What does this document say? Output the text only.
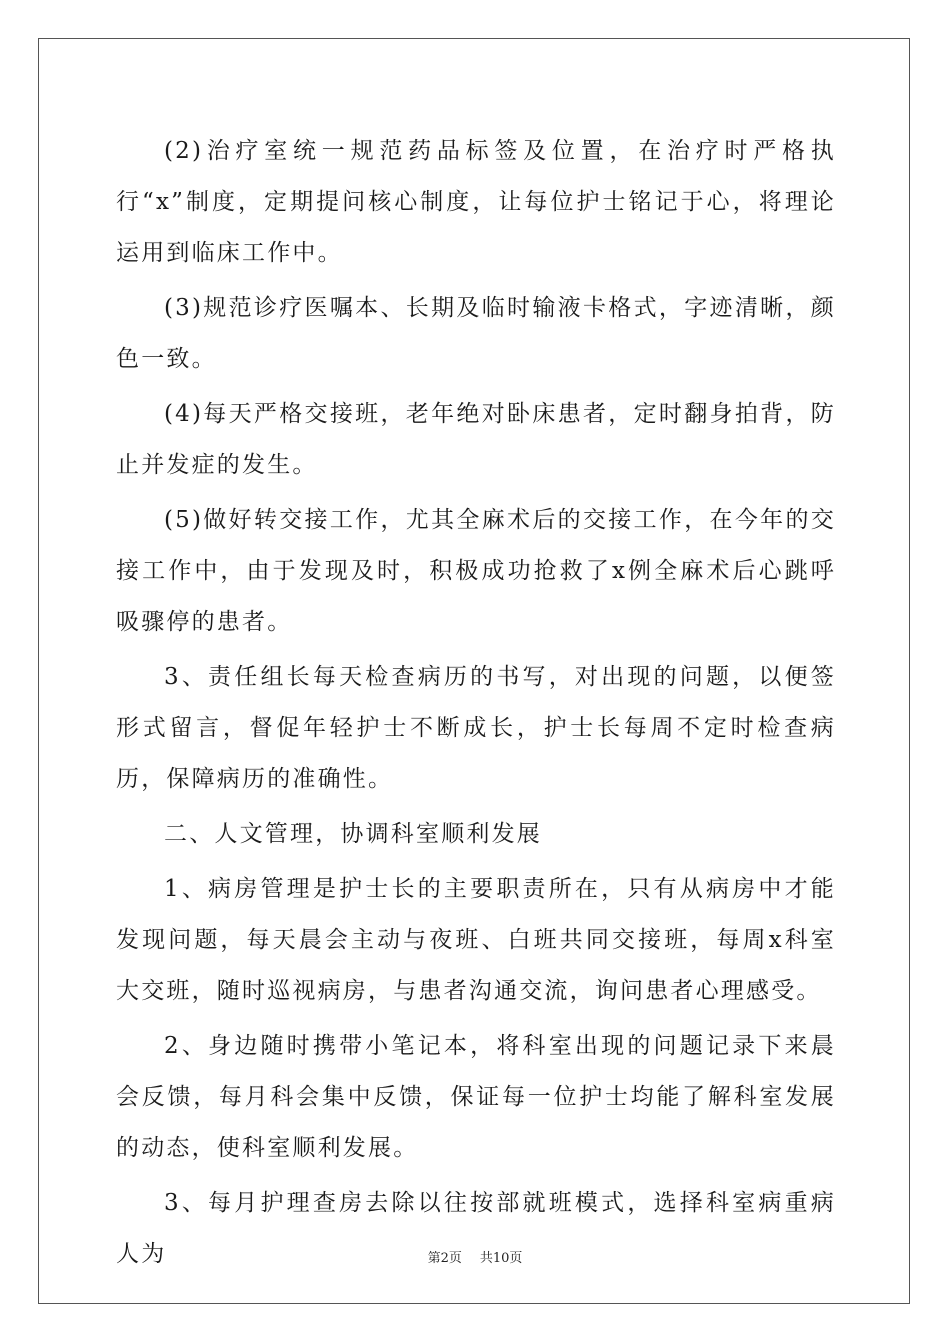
(2)治疗室统一规范药品标签及位置，在治疗时严格执行“x”制度，定期提问核心制度，让每位护士铭记于心，将理论运用到临床工作中。

(3)规范诊疗医嘱本、长期及临时输液卡格式，字迹清晰，颜色一致。

(4)每天严格交接班，老年绝对卧床患者，定时翻身拍背，防止并发症的发生。

(5)做好转交接工作，尤其全麻术后的交接工作，在今年的交接工作中，由于发现及时，积极成功抢救了x例全麻术后心跳呼吸骤停的患者。

3、责任组长每天检查病历的书写，对出现的问题，以便签形式留言，督促年轻护士不断成长，护士长每周不定时检查病历，保障病历的准确性。

二、人文管理，协调科室顺利发展

1、病房管理是护士长的主要职责所在，只有从病房中才能发现问题，每天晨会主动与夜班、白班共同交接班，每周x科室大交班，随时巡视病房，与患者沟通交流，询问患者心理感受。

2、身边随时携带小笔记本，将科室出现的问题记录下来晨会反馈，每月科会集中反馈，保证每一位护士均能了解科室发展的动态，使科室顺利发展。

3、每月护理查房去除以往按部就班模式，选择科室病重病人为	第2页 共10页
